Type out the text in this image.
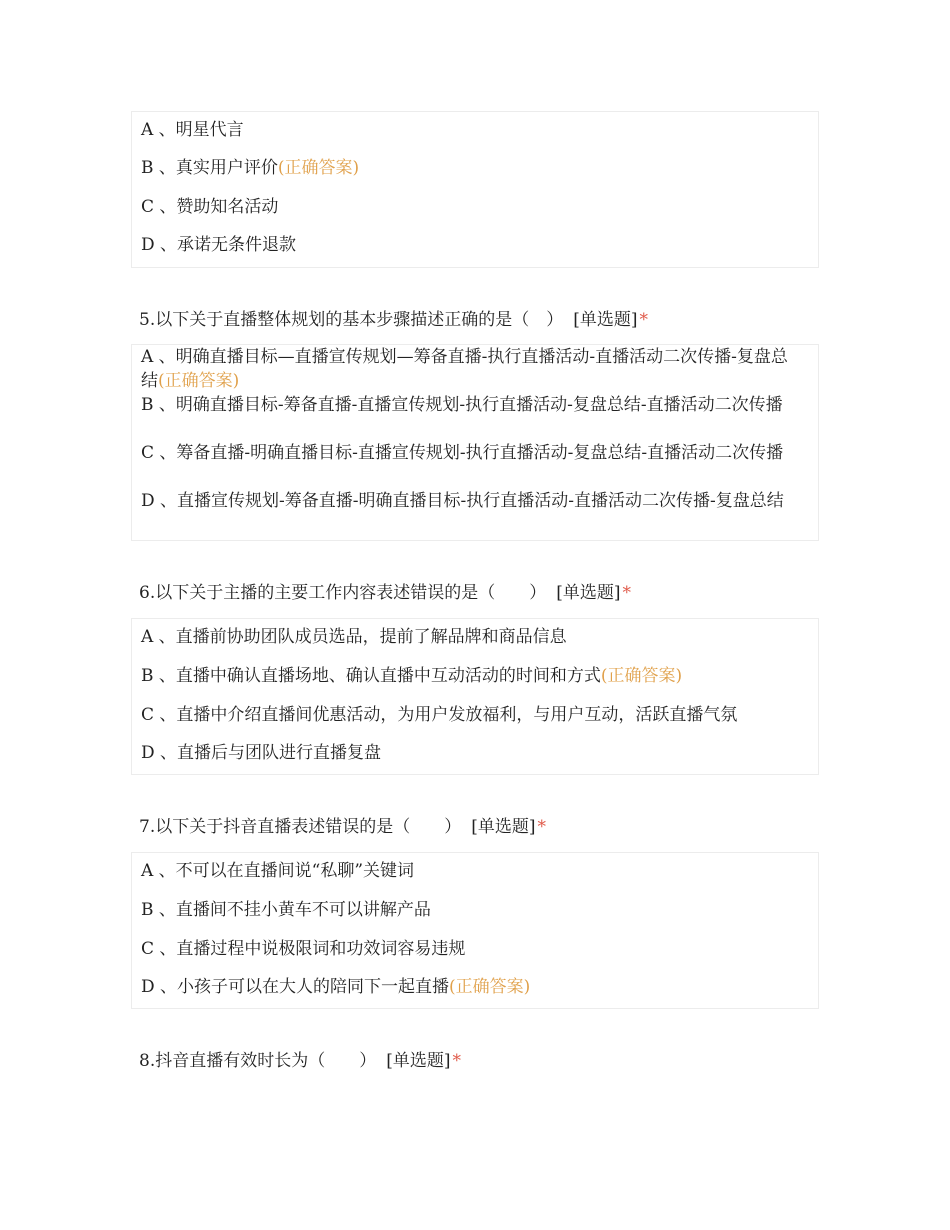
A 、明星代言
B 、真实用户评价(正确答案)
C 、赞助知名活动
D 、承诺无条件退款
5.以下关于直播整体规划的基本步骤描述正确的是（　） [单选题] *
A 、明确直播目标—直播宣传规划—筹备直播-执行直播活动-直播活动二次传播-复盘总结(正确答案)
B 、明确直播目标-筹备直播-直播宣传规划-执行直播活动-复盘总结-直播活动二次传播
C 、筹备直播-明确直播目标-直播宣传规划-执行直播活动-复盘总结-直播活动二次传播
D 、直播宣传规划-筹备直播-明确直播目标-执行直播活动-直播活动二次传播-复盘总结
6.以下关于主播的主要工作内容表述错误的是（　　） [单选题] *
A 、直播前协助团队成员选品，提前了解品牌和商品信息
B 、直播中确认直播场地、确认直播中互动活动的时间和方式(正确答案)
C 、直播中介绍直播间优惠活动，为用户发放福利，与用户互动，活跃直播气氛
D 、直播后与团队进行直播复盘
7.以下关于抖音直播表述错误的是（　　） [单选题] *
A 、不可以在直播间说“私聊”关键词
B 、直播间不挂小黄车不可以讲解产品
C 、直播过程中说极限词和功效词容易违规
D 、小孩子可以在大人的陪同下一起直播(正确答案)
8.抖音直播有效时长为（　　） [单选题] *
